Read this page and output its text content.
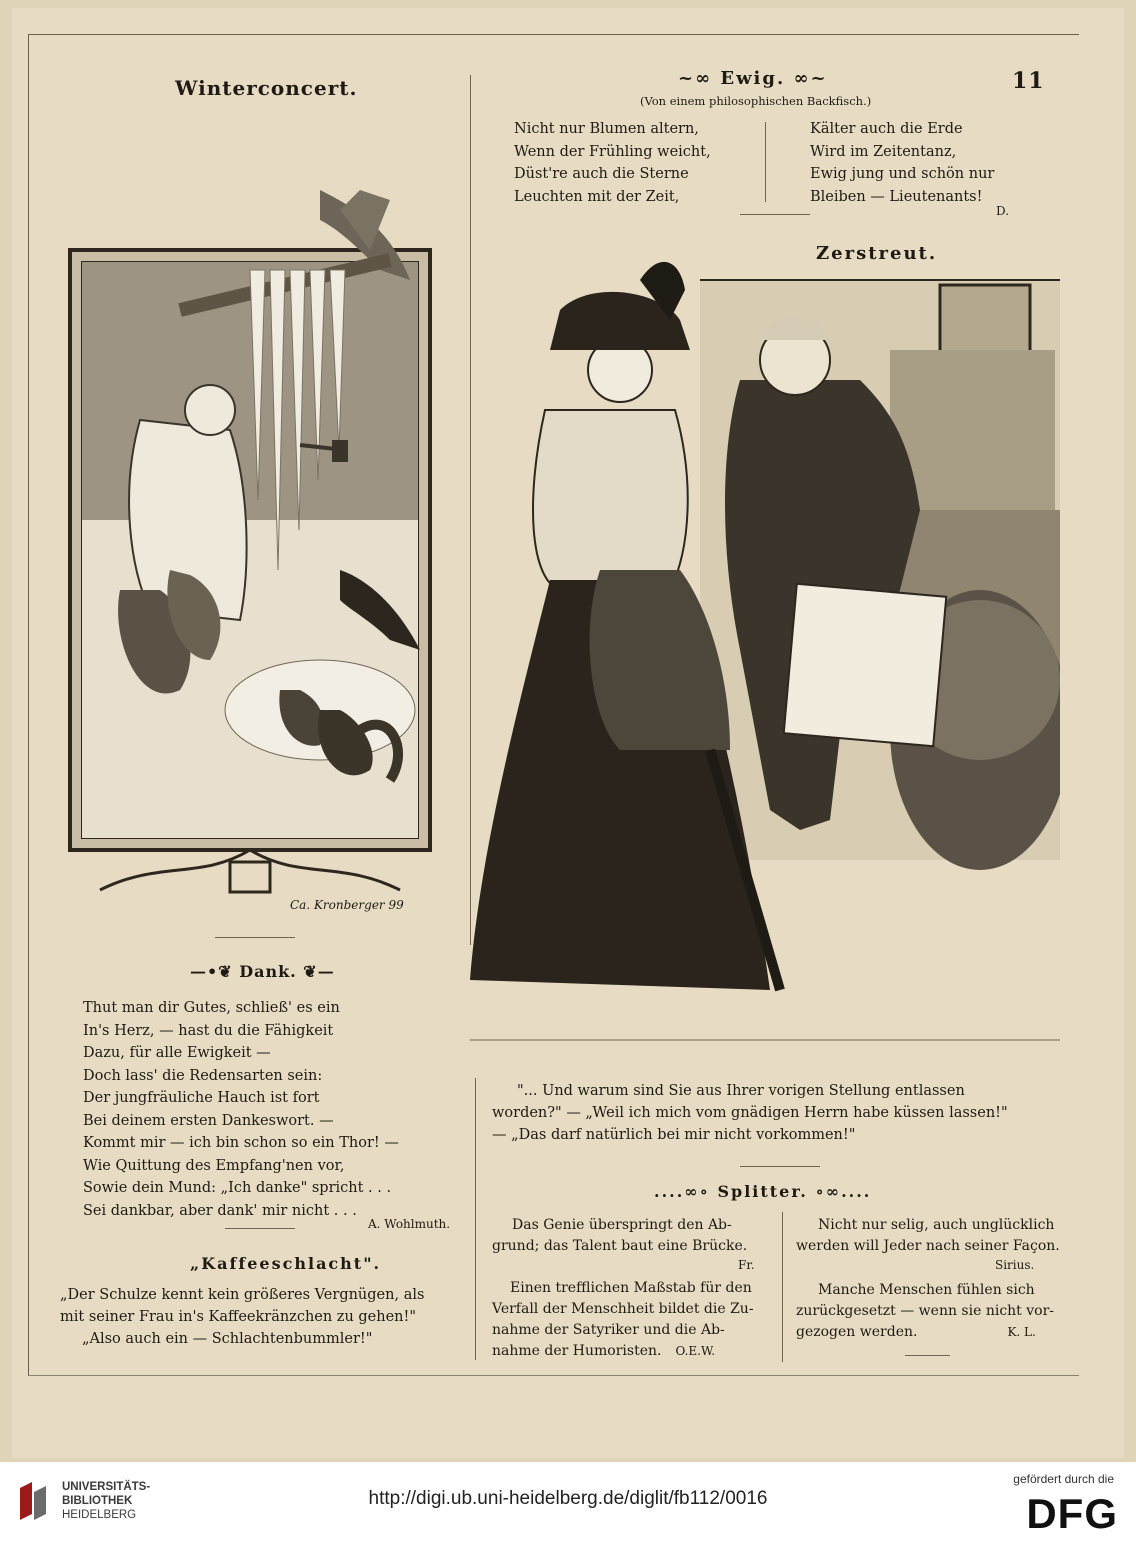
11
Winterconcert.
Ca. Kronberger 99
—•❦ Dank. ❦—
Thut man dir Gutes, schließ' es ein
In's Herz, — hast du die Fähigkeit
Dazu, für alle Ewigkeit —
Doch lass' die Redensarten sein:
Der jungfräuliche Hauch ist fort
Bei deinem ersten Dankeswort. —
Kommt mir — ich bin schon so ein Thor! —
Wie Quittung des Empfang'nen vor,
Sowie dein Mund: „Ich danke" spricht . . .
Sei dankbar, aber dank' mir nicht . . .
A. Wohlmuth.
„Kaffeeschlacht".
„Der Schulze kennt kein größeres Vergnügen, als
mit seiner Frau in's Kaffeekränzchen zu gehen!"
„Also auch ein — Schlachtenbummler!"
~∞ Ewig. ∞~
(Von einem philosophischen Backfisch.)
Nicht nur Blumen altern,
Wenn der Frühling weicht,
Düst're auch die Sterne
Leuchten mit der Zeit,
Kälter auch die Erde
Wird im Zeitentanz,
Ewig jung und schön nur
Bleiben — Lieutenants!
D.
Zerstreut.
"... Und warum sind Sie aus Ihrer vorigen Stellung entlassen
worden?" — „Weil ich mich vom gnädigen Herrn habe küssen lassen!"
— „Das darf natürlich bei mir nicht vorkommen!"
....∞∘ Splitter. ∘∞....
Das Genie überspringt den Ab-
grund; das Talent baut eine Brücke.
Fr.
Einen trefflichen Maßstab für den
Verfall der Menschheit bildet die Zu-
nahme der Satyriker und die Ab-
nahme der Humoristen. O.E.W.
Nicht nur selig, auch unglücklich
werden will Jeder nach seiner Façon.
Sirius.
Manche Menschen fühlen sich
zurückgesetzt — wenn sie nicht vor-
gezogen werden.	K. L.
UNIVERSITÄTS-
BIBLIOTHEK
HEIDELBERG
http://digi.ub.uni-heidelberg.de/diglit/fb112/0016
gefördert durch die
DFG
